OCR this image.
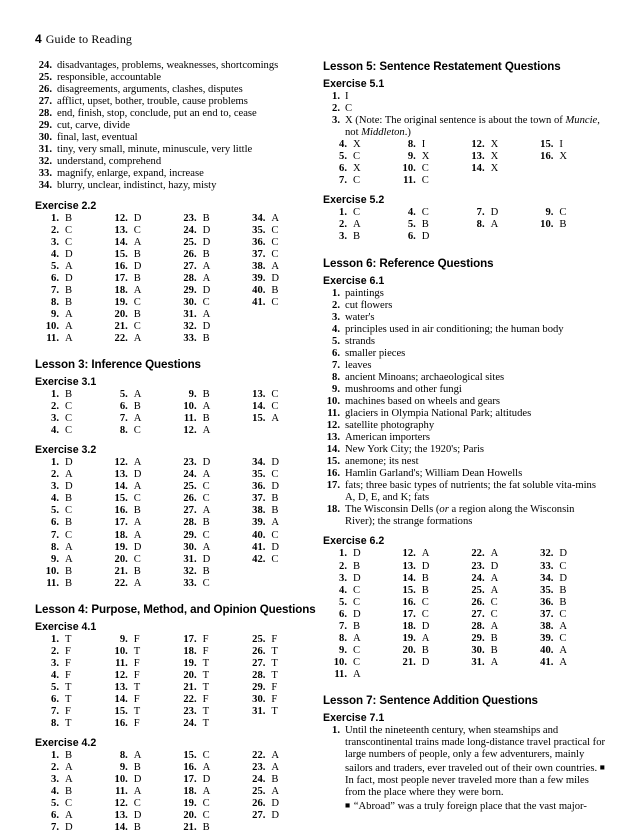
4 Guide to Reading
24. disadvantages, problems, weaknesses, shortcomings
25. responsible, accountable
26. disagreements, arguments, clashes, disputes
27. afflict, upset, bother, trouble, cause problems
28. end, finish, stop, conclude, put an end to, cease
29. cut, carve, divide
30. final, last, eventual
31. tiny, very small, minute, minuscule, very little
32. understand, comprehend
33. magnify, enlarge, expand, increase
34. blurry, unclear, indistinct, hazy, misty
Exercise 2.2
1. B
2. C
3. C
4. D
5. A
6. D
7. B
8. B
9. A
10. A
11. A
12. D
13. C
14. A
15. B
16. D
17. B
18. A
19. C
20. B
21. C
22. A
23. B
24. D
25. D
26. B
27. A
28. A
29. D
30. C
31. A
32. D
33. B
34. A
35. C
36. C
37. C
38. A
39. D
40. B
41. C
Lesson 3: Inference Questions
Exercise 3.1
1. B
2. C
3. C
4. C
5. A
6. B
7. A
8. C
9. B
10. A
11. B
12. A
13. C
14. C
15. A
Exercise 3.2
1. D
2. A
3. D
4. B
5. C
6. B
7. C
8. A
9. A
10. B
11. B
12. A
13. D
14. A
15. C
16. B
17. A
18. A
19. D
20. C
21. B
22. A
23. D
24. A
25. C
26. C
27. A
28. B
29. C
30. A
31. D
32. B
33. C
34. D
35. C
36. D
37. B
38. B
39. A
40. C
41. D
42. C
Lesson 4: Purpose, Method, and Opinion Questions
Exercise 4.1
1. T
2. F
3. F
4. F
5. T
6. T
7. F
8. T
9. F
10. T
11. F
12. F
13. T
14. F
15. T
16. F
17. F
18. F
19. T
20. T
21. T
22. F
23. T
24. T
25. F
26. T
27. T
28. T
29. F
30. F
31. T
Exercise 4.2
1. B
2. A
3. A
4. B
5. C
6. A
7. D
8. A
9. B
10. D
11. A
12. C
13. D
14. B
15. C
16. A
17. D
18. A
19. C
20. C
21. B
22. A
23. A
24. B
25. A
26. D
27. D
Lesson 5: Sentence Restatement Questions
Exercise 5.1
1. I
2. C
3. X (Note: The original sentence is about the town of Muncie, not Middleton.)
4. X
5. C
6. X
7. C
8. I
9. X
10. C
11. C
12. X
13. X
14. X
15. I
16. X
Exercise 5.2
1. C
2. A
3. B
4. C
5. B
6. D
7. D
8. A
9. C
10. B
Lesson 6: Reference Questions
Exercise 6.1
1. paintings
2. cut flowers
3. water's
4. principles used in air conditioning; the human body
5. strands
6. smaller pieces
7. leaves
8. ancient Minoans; archaeological sites
9. mushrooms and other fungi
10. machines based on wheels and gears
11. glaciers in Olympia National Park; altitudes
12. satellite photography
13. American importers
14. New York City; the 1920's; Paris
15. anemone; its nest
16. Hamlin Garland's; William Dean Howells
17. fats; three basic types of nutrients; the fat soluble vita-mins A, D, E, and K; fats
18. The Wisconsin Dells (or a region along the Wisconsin River); the strange formations
Exercise 6.2
1. D
2. B
3. D
4. C
5. C
6. D
7. B
8. A
9. C
10. C
11. A
12. A
13. D
14. B
15. B
16. C
17. C
18. D
19. A
20. B
21. D
22. A
23. D
24. A
25. A
26. C
27. C
28. A
29. B
30. B
31. A
32. D
33. C
34. D
35. B
36. B
37. C
38. A
39. C
40. A
41. A
Lesson 7: Sentence Addition Questions
Exercise 7.1
1. Until the nineteenth century, when steamships and transcontinental trains made long-distance travel practical for large numbers of people, only a few adventurers, mainly sailors and traders, ever traveled out of their own countries. ■ In fact, most people never traveled more than a few miles from the place where they were born.
■ “Abroad” was a truly foreign place that the vast major-
